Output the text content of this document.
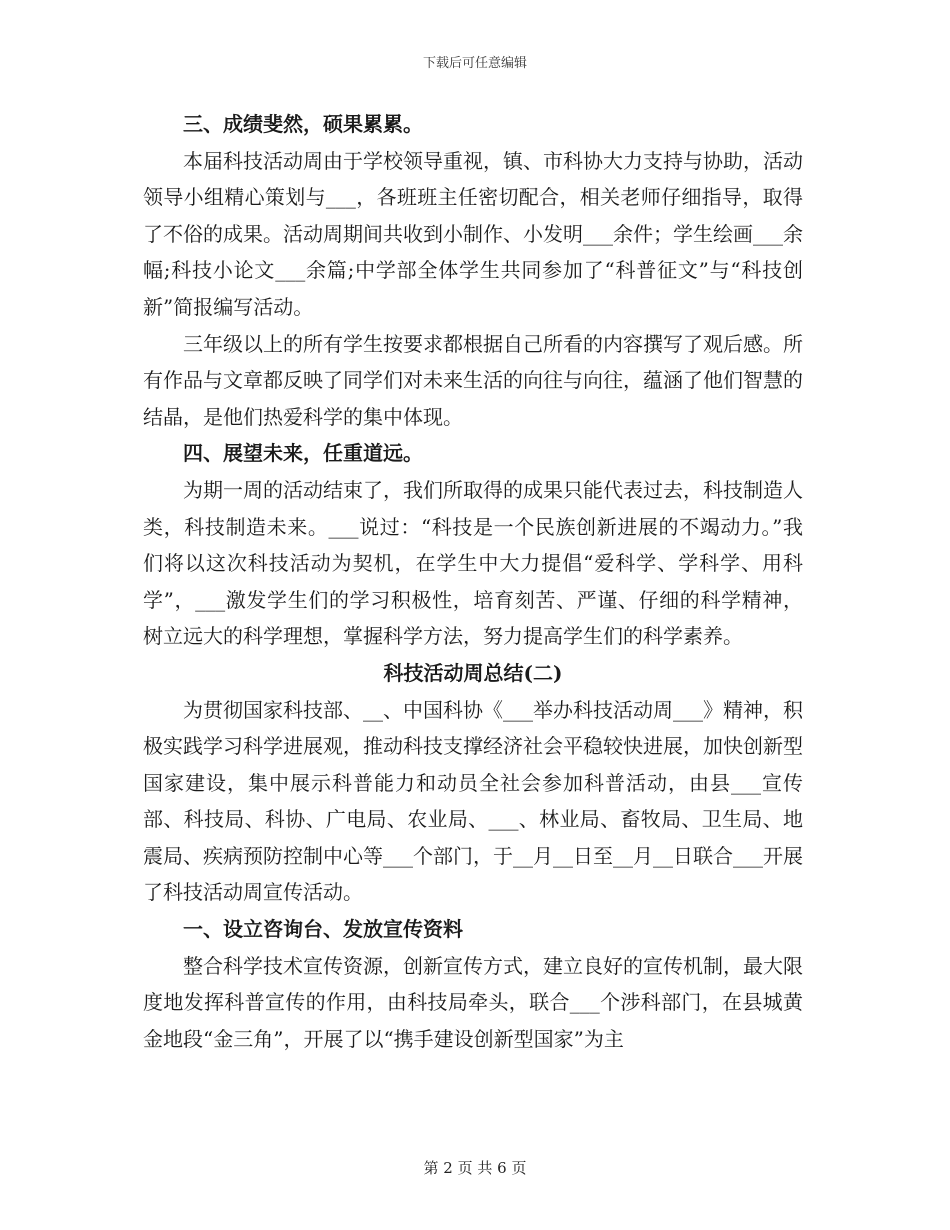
下载后可任意编辑
三、成绩斐然，硕果累累。

本届科技活动周由于学校领导重视，镇、市科协大力支持与协助，活动领导小组精心策划与___，各班班主任密切配合，相关老师仔细指导，取得了不俗的成果。活动周期间共收到小制作、小发明___余件；学生绘画___余幅;科技小论文___余篇;中学部全体学生共同参加了“科普征文”与“科技创新”简报编写活动。

三年级以上的所有学生按要求都根据自己所看的内容撰写了观后感。所有作品与文章都反映了同学们对未来生活的向往与向往，蕴涵了他们智慧的结晶，是他们热爱科学的集中体现。

四、展望未来，任重道远。

为期一周的活动结束了，我们所取得的成果只能代表过去，科技制造人类，科技制造未来。___说过：“科技是一个民族创新进展的不竭动力。”我们将以这次科技活动为契机，在学生中大力提倡“爱科学、学科学、用科学”，___激发学生们的学习积极性，培育刻苦、严谨、仔细的科学精神，树立远大的科学理想，掌握科学方法，努力提高学生们的科学素养。

科技活动周总结(二)

为贯彻国家科技部、__、中国科协《___举办科技活动周___》精神，积极实践学习科学进展观，推动科技支撑经济社会平稳较快进展，加快创新型国家建设，集中展示科普能力和动员全社会参加科普活动，由县___宣传部、科技局、科协、广电局、农业局、___、林业局、畜牧局、卫生局、地震局、疾病预防控制中心等___个部门，于__月__日至__月__日联合___开展了科技活动周宣传活动。

一、设立咨询台、发放宣传资料

整合科学技术宣传资源，创新宣传方式，建立良好的宣传机制，最大限度地发挥科普宣传的作用，由科技局牵头，联合___个涉科部门，在县城黄金地段“金三角”，开展了以“携手建设创新型国家”为主

第 2 页 共 6 页
